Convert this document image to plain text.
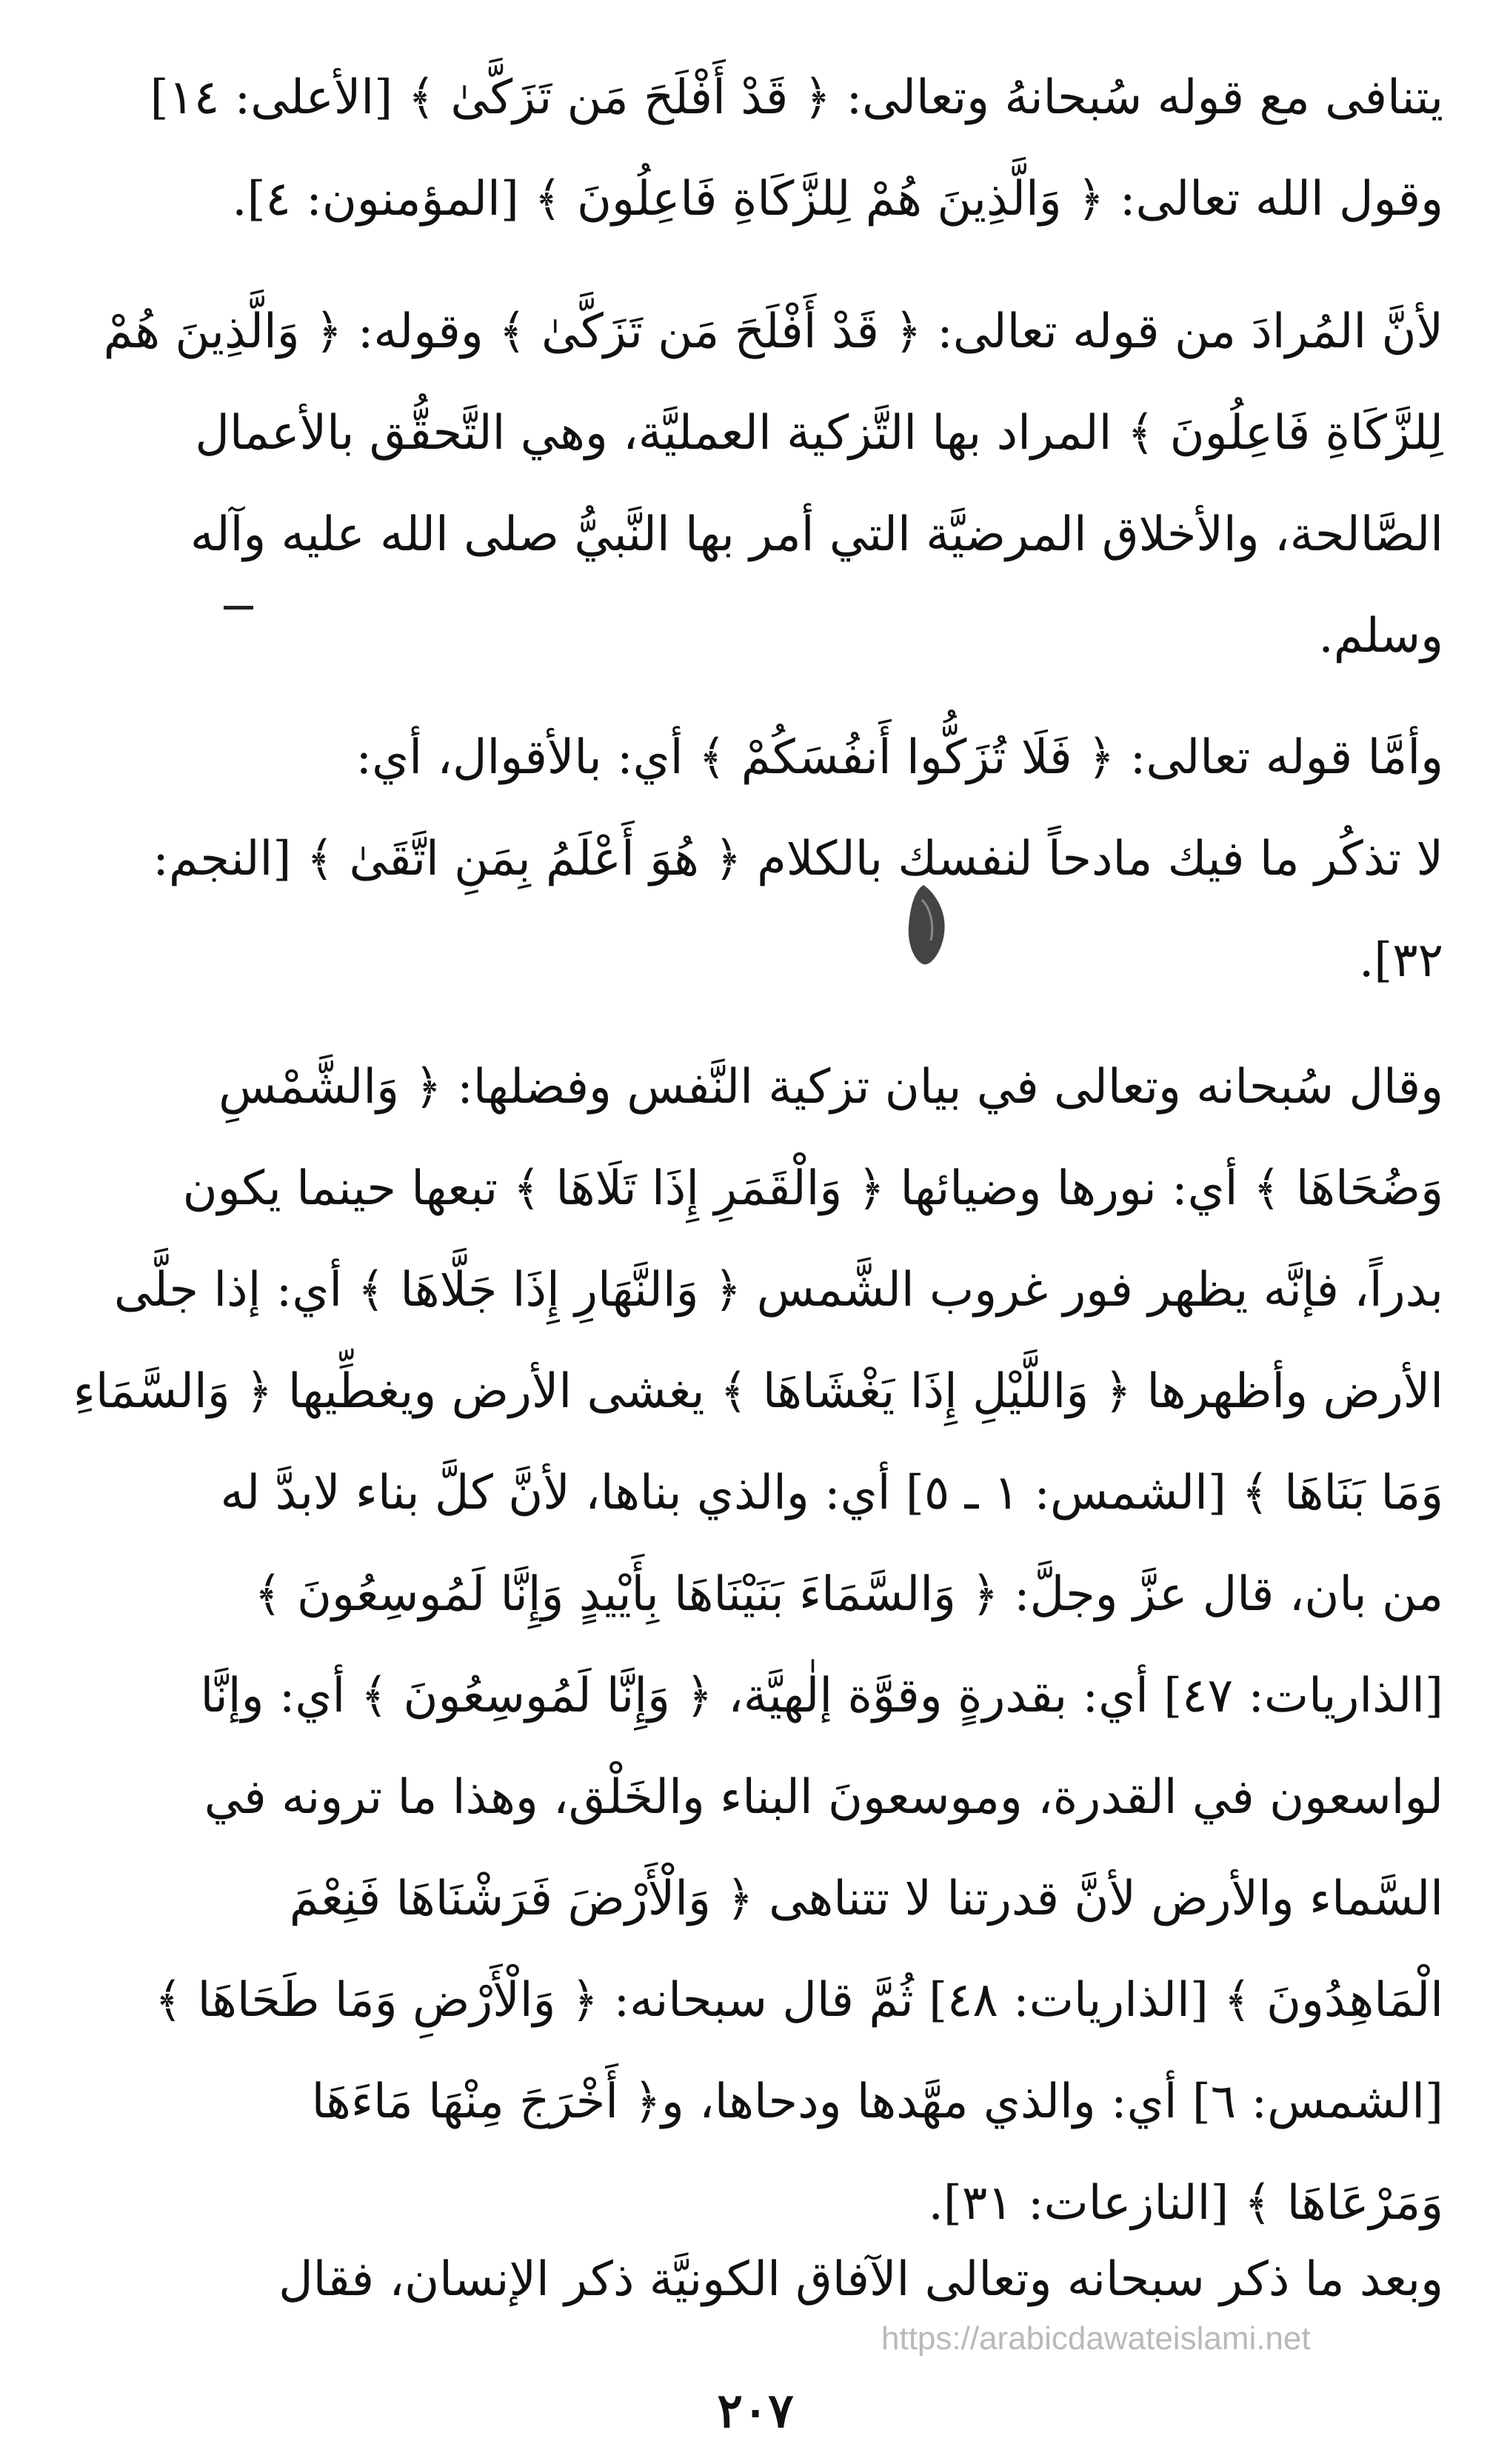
يتنافى مع قوله سُبحانهُ وتعالى: ﴿ قَدْ أَفْلَحَ مَن تَزَكَّىٰ ﴾ [الأعلى: ١٤]
وقول الله تعالى: ﴿ وَالَّذِينَ هُمْ لِلزَّكَاةِ فَاعِلُونَ ﴾ [المؤمنون: ٤].
لأنَّ المُرادَ من قوله تعالى: ﴿ قَدْ أَفْلَحَ مَن تَزَكَّىٰ ﴾ وقوله: ﴿ وَالَّذِينَ هُمْ
لِلزَّكَاةِ فَاعِلُونَ ﴾ المراد بها التَّزكية العمليَّة، وهي التَّحقُّق بالأعمال
الصَّالحة، والأخلاق المرضيَّة التي أمر بها النَّبيُّ صلى الله عليه وآله
وسلم.
وأمَّا قوله تعالى: ﴿ فَلَا تُزَكُّوا أَنفُسَكُمْ ﴾ أي: بالأقوال، أي:
لا تذكُر ما فيك مادحاً لنفسك بالكلام ﴿ هُوَ أَعْلَمُ بِمَنِ اتَّقَىٰ ﴾ [النجم:
٣٢].
وقال سُبحانه وتعالى في بيان تزكية النَّفس وفضلها: ﴿ وَالشَّمْسِ
وَضُحَاهَا ﴾ أي: نورها وضيائها ﴿ وَالْقَمَرِ إِذَا تَلَاهَا ﴾ تبعها حينما يكون
بدراً، فإنَّه يظهر فور غروب الشَّمس ﴿ وَالنَّهَارِ إِذَا جَلَّاهَا ﴾ أي: إذا جلَّى
الأرض وأظهرها ﴿ وَاللَّيْلِ إِذَا يَغْشَاهَا ﴾ يغشى الأرض ويغطِّيها ﴿ وَالسَّمَاءِ
وَمَا بَنَاهَا ﴾ [الشمس: ١ ـ ٥] أي: والذي بناها، لأنَّ كلَّ بناء لابدَّ له
من بان، قال عزَّ وجلَّ: ﴿ وَالسَّمَاءَ بَنَيْنَاهَا بِأَيْيدٍ وَإِنَّا لَمُوسِعُونَ ﴾
[الذاريات: ٤٧] أي: بقدرةٍ وقوَّة إلٰهيَّة، ﴿ وَإِنَّا لَمُوسِعُونَ ﴾ أي: وإنَّا
لواسعون في القدرة، وموسعونَ البناء والخَلْق، وهذا ما ترونه في
السَّماء والأرض لأنَّ قدرتنا لا تتناهى ﴿ وَالْأَرْضَ فَرَشْنَاهَا فَنِعْمَ
الْمَاهِدُونَ ﴾ [الذاريات: ٤٨] ثُمَّ قال سبحانه: ﴿ وَالْأَرْضِ وَمَا طَحَاهَا ﴾
[الشمس: ٦] أي: والذي مهَّدها ودحاها، و﴿ أَخْرَجَ مِنْهَا مَاءَهَا
وَمَرْعَاهَا ﴾ [النازعات: ٣١].
وبعد ما ذكر سبحانه وتعالى الآفاق الكونيَّة ذكر الإنسان، فقال
https://arabicdawateislami.net
٢٠٧
